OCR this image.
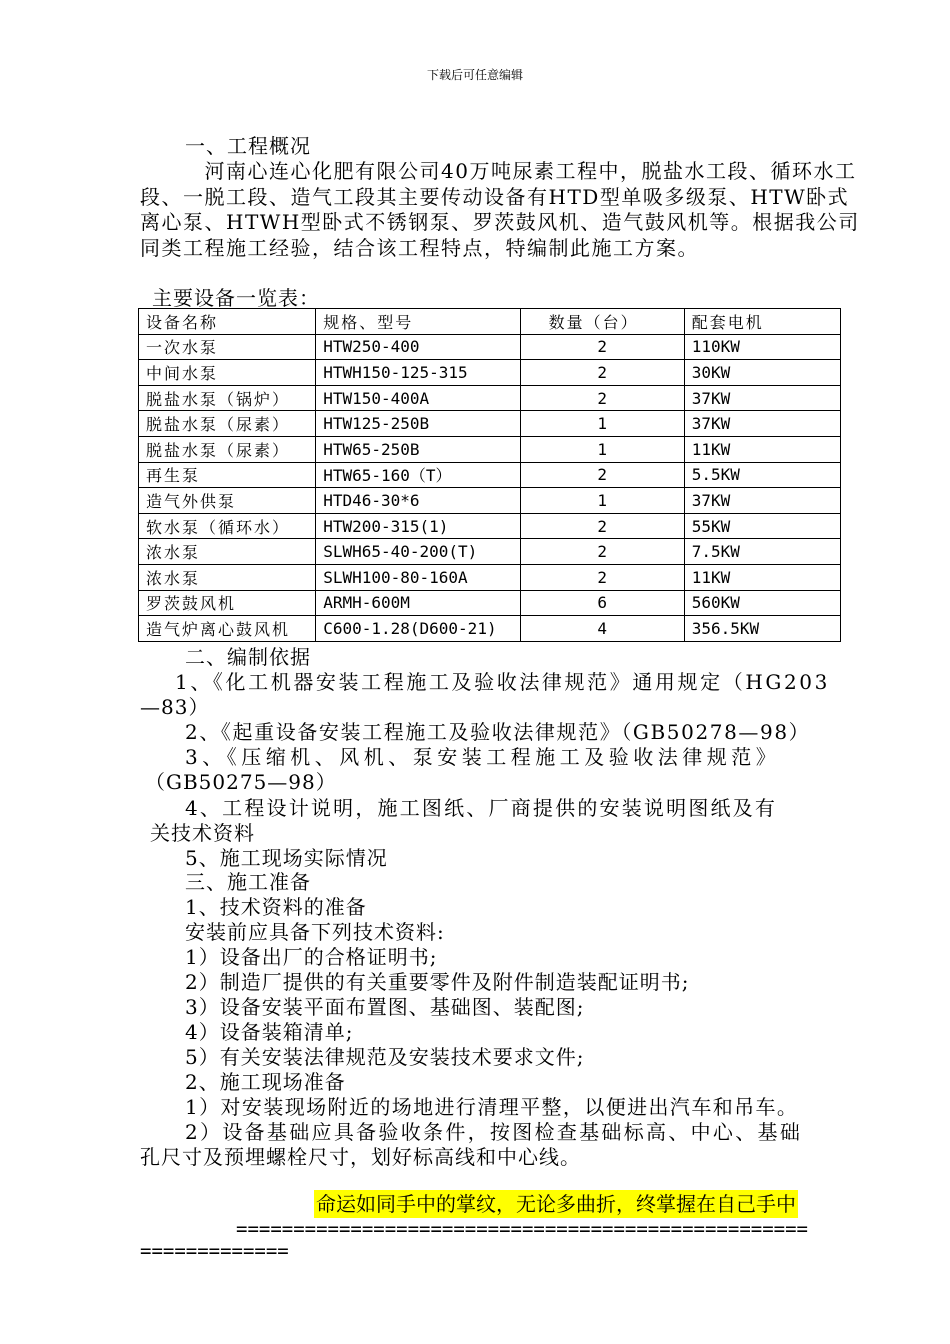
下载后可任意编辑
一、工程概况
　　　河南心连心化肥有限公司40万吨尿素工程中，脱盐水工段、循环水工段、一脱工段、造气工段其主要传动设备有HTD型单吸多级泵、HTW卧式离心泵、HTWH型卧式不锈钢泵、罗茨鼓风机、造气鼓风机等。根据我公司同类工程施工经验，结合该工程特点，特编制此施工方案。
主要设备一览表：
设备名称	规格、型号	数量（台）	配套电机
一次水泵	HTW250-400	2	110KW
中间水泵	HTWH150-125-315	2	30KW
脱盐水泵（锅炉）	HTW150-400A	2	37KW
脱盐水泵（尿素）	HTW125-250B	1	37KW
脱盐水泵（尿素）	HTW65-250B	1	11KW
再生泵	HTW65-160（T）	2	5.5KW
造气外供泵	HTD46-30*6	1	37KW
软水泵（循环水）	HTW200-315(1)	2	55KW
浓水泵	SLWH65-40-200(T)	2	7.5KW
浓水泵	SLWH100-80-160A	2	11KW
罗茨鼓风机	ARMH-600M	6	560KW
造气炉离心鼓风机	C600-1.28(D600-21)	4	356.5KW
二、编制依据
1、《化工机器安装工程施工及验收法律规范》通用规定（HG203
—83）
2、《起重设备安装工程施工及验收法律规范》（GB50278—98）
3、《压缩机、风机、泵安装工程施工及验收法律规范》
（GB50275—98）
4、工程设计说明，施工图纸、厂商提供的安装说明图纸及有
关技术资料
5、施工现场实际情况
三、施工准备
1、技术资料的准备
安装前应具备下列技术资料:
1）设备出厂的合格证明书;
2）制造厂提供的有关重要零件及附件制造装配证明书;
3）设备安装平面布置图、基础图、装配图;
4）设备装箱清单;
5）有关安装法律规范及安装技术要求文件;
2、施工现场准备
1）对安装现场附近的场地进行清理平整，以便进出汽车和吊车。
2）设备基础应具备验收条件，按图检查基础标高、中心、基础
孔尺寸及预埋螺栓尺寸，划好标高线和中心线。
命运如同手中的掌纹，无论多曲折，终掌握在自己手中
==================================================
=============
